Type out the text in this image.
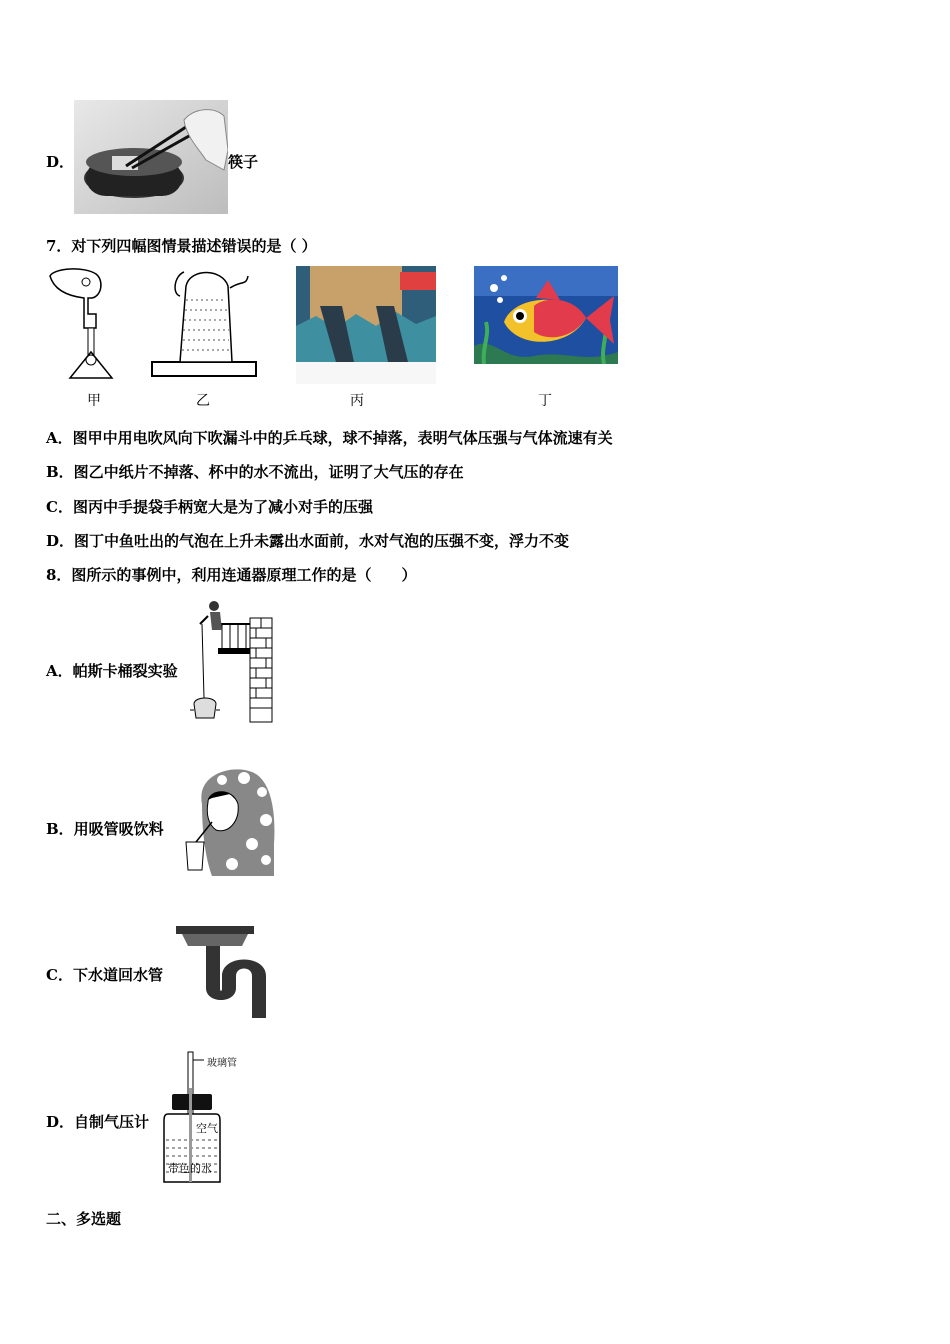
D．	筷子
7．对下列四幅图情景描述错误的是（ ）
甲	乙	丙	丁
A．图甲中用电吹风向下吹漏斗中的乒乓球，球不掉落，表明气体压强与气体流速有关
B．图乙中纸片不掉落、杯中的水不流出，证明了大气压的存在
C．图丙中手提袋手柄宽大是为了减小对手的压强
D．图丁中鱼吐出的气泡在上升未露出水面前，水对气泡的压强不变，浮力不变
8．图所示的事例中，利用连通器原理工作的是（　　）
A．帕斯卡桶裂实验
B．用吸管吸饮料
C．下水道回水管
D．自制气压计
玻璃管
空气
带色的水
二、多选题
